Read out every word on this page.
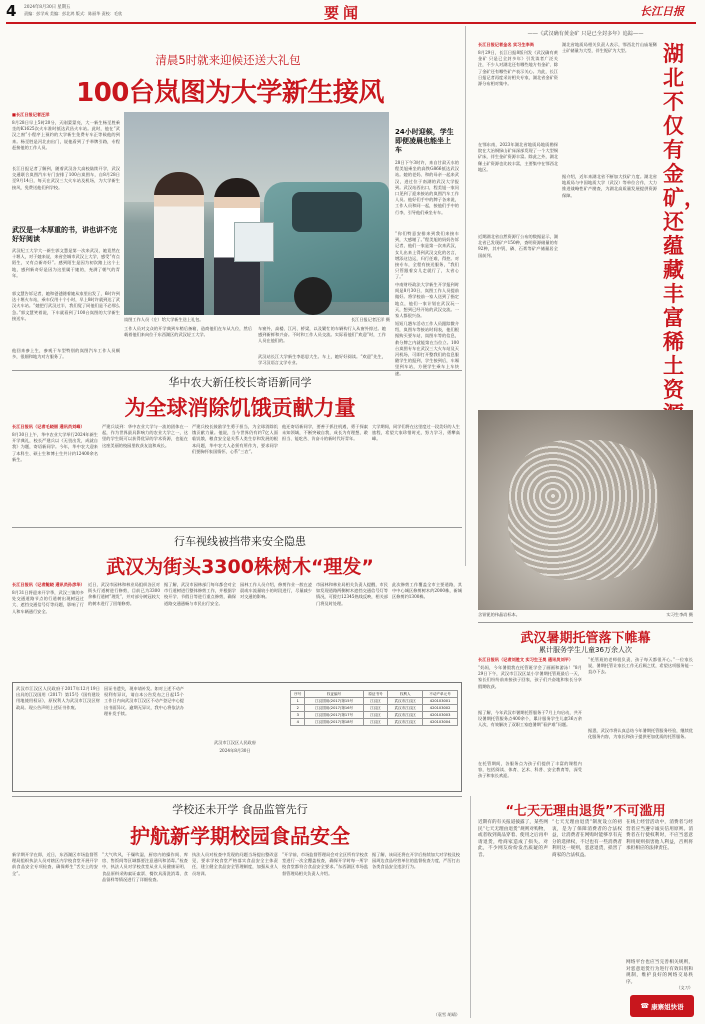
4 2024年8月30日 星期五
责编：彭学成 美编：彭北鸿 版式：陈丽华 责校：毛欣	要闻	长江日报
清晨5时就来迎候还送大礼包
100台岚图为大学新生接风
■长江日报记者汪洋
8月28日早上5时20分，天刚蒙蒙亮，大一新生杨至胜乘坐的K1625次火车准时抵达武昌火车站。此时，他在“武汉之窗”小程序上预约的大学新生免费专车正等候他的到来。杨至胜是河北由出门，说他看到了手举牌引路，专程赶接他的工作人员。
长江日报记者了解到，随着武汉各大高校陆续开学，武汉交通联合岚图汽车专门安排了100台岚图车，自8月28日至9月14日，每天在武汉三大火车站及机场，为大学新生接风，免费送他们到学校。
武汉是一本厚重的书，讲也讲不完好好阅读
武汉纪工大学大一新生郭文慧是第一次来武汉，她竟然在十堰人，对于她来说，来省会城市武汉上大学，感受“有点陌生，又有点新奇好”。感到陌生是因为初次踏上这个土地，感到新奇好是因为这里属于她的，充满了朝气的青年。
郭文慧告诉记者，她和爸爸随着她从家里出发了，6时许到达十堰火车站，乘车仅用十个小时，早上8时许就到达了武汉火车站。“她把行武汉过半，我们觉了同他们是不必那么急。”郭文慧笑着说，下车就看到了100台岚图的大学新生接送车。
他回来参上生，参观于车型特别的岚图汽车工作人员颇多，很细和地为对方服务了。
岚图工作人员（左）给大学新生送上礼包。	长江日报记者汪洋 摄
工作人员对文众的开学典到车稍后备箱，造商他们在车从九位，然后载着他们来向位于东西湖区的武汉轻工大学。
车窗外，高楼、江河、桥梁，以及繁忙的车辆构行入从窗外掠过。她感到新鲜和兴奋。不时和工作人员交流。实际看他们“欢迎”时，工作人员在他们的。
武汉站长江大学新生李思思大生。车上，她好好阅读。“欢迎”先生，学习汉语言文学专业。
24小时迎候，学生即便凌晨也能坐上车
28日下午3时许，来自甘肃天水的程美旭乘坐的高铁G866抵达武汉站。她的老妈、和的母亲一起来武汉，进过位于南湖的武汉大学报到。武汉站西出口，程美旭一家问口见到了迎来接站的岚图汽车工作人员。他好们手中的牌子各来说，工作人员和同一起，接他们手中的行李，引导他们乘坐专车。
“你们特意安排来到我们来接车到，大感谢了。”程美旭的妈妈告诉记者，他们一家是第一次来武汉，女儿出来上得到武汉文化的名言，增添这边运，归行任难，得控。对接专车，全程有接送服务，“我们只管跟着女儿走就行了，太省心了。”
中南财经政法大学新生开学报到时间是8月30日，岚图工作人员提前做好。将学校前一家人送到了指定地点，他们一家计划在武汉玩一天，想到已经开始的武汉交流。一家人都很兴奋。
短短几趟车活动工作人员跟踪微介绍，岚图车等接站时间表，他们根据购买要车站，岚图车等的信息，救分牌之内就能第在当位立。100台岚图专车在武汉三大火车站及天河机场，可即打开整我们的信息服随学生的报到，学生接到后，车厢里到车站，方便学生乘车上车快速。
——《武汉确有黄金矿 只是已全封多年》追踪——
湖北不仅有金矿，还蕴藏丰富稀土资
长江日报记者金名 实习生李尚
8月29日，长江日报8版刊发《武汉确有黄金矿 只是已全封多年》引发读者广泛关注，不少人对湖北还有哪些地方有金矿、除了金矿还有哪些矿产表示关心。为此，长江日报记者再度采访相关专家，湖北省金矿资源分布相对集中。
在鄂东南，2023年湖北省地质局地质勘探院在大冶铜绿山矿床深部发现了一个大型铜矿床，伴生金矿资源丰富。除此之外，湖北稀土矿资源也比较丰富，主要集中在鄂西北地区。
近期湖北省自然资源厅公布的数据显示，湖北省已发现矿产150种，查明资源储量的有92种，其中钒、磷、石膏等矿产储量居全国前列。
湖北省地质局相关负责人表示，鄂西北竹山庙垭稀土矿储量为大型，伴生铌矿为大型。
据介绍，近年来湖北省不断加大找矿力度。湖北省地质局与中国地质大学（武汉）等单位合作，大力推进战略性矿产勘查，为湖北高质量发展提供资源保障。
含钽铌的伟晶岩标本。	实习生李尚 摄
华中农大新任校长寄语新同学
为全球消除饥饿贡献力量
长江日报讯（记者毛晓丽 通讯员刘峰）
8月30日上午，华中农业大学举行2024年新生开学典礼，校长严建兵以《无畏出发，成就自我》为题，寄语新同学。今年，华中农大迎来了本科生、硕士生和博士生共计约12400余名新生。
严建兵谈到：华中农业大学与一流的团体在一起，作为世界最具影响力的农业大学之一，这里的学生既可以获得优异的学术资源，也能在这座美丽的校园里收获友谊和成长。
严建兵校长鼓励学生勇于担当，为全球消除饥饿贡献力量。他说，当今世界仍有约7亿人面临饥饿，粮食安全是关系人类生存和发展的根本问题，华中农大人必须有所作为，要求同学们要胸怀家国情怀，心系“三农”。
他还寄语新同学，要善于抓住机遇，勇于探索未知领域，不断突破自我，成长为有理想、敢担当、能吃苦、肯奋斗的新时代好青年。
大学期间，同学们将在这里度过一段美好的人生旅程，希望大家珍惜时光，努力学习，勇攀高峰。
行车视线被挡带来安全隐患
武汉为街头3300株树木“理发”
长江日报讯（记者鲍晓 通讯员孙彦华）
8月31日将迎来开学季，武汉三镇的多处交通道路节点的行道树出现树冠过大、遮挡交通信号灯等问题，影响了行人和车辆通行安全。
近日，武汉市园林和林业局组织各区对街头行道树进行修剪，目前已为3300余株行道树“理发”，并对部分树冠较大的树木进行了回缩修剪。
据了解，武汉市园林部门每年都会对全市行道树进行整体修剪工作，并根据学校开学、节假日等进行重点修剪，确保道路交通通畅与市民出行安全。
园林工作人员介绍，修剪作业一般在凌晨或车流量较小的时段进行，尽量减少对交通的影响。
市园林和林业局相关负责人提醒，市民如发现道路两侧树木遮挡交通信号灯等情况，可拨打12345热线反映，相关部门将及时处理。
此次修剪工作覆盖全市主要道路，其中中心城区修剪树木约2000株，新城区修剪约1300株。
武汉市江汉区人民政府于2017年12月19日出具的江汉国用（2017）第15号《国有建设用地使用权证》，原权利人为武汉市江汉区财政局。现公告声明上述证书作废。
因证书遗失，现申请补发。如对上述不动产权利有异议，请自本公告发布之日起15个工作日内向武汉市江汉区不动产登记中心提出书面异议。逾期无异议，我中心将依法办理补发手续。
武汉市江汉区人民政府
2024年8月30日
序号	权证编号	原证书号	权利人	不动产单元号
1	江汉国用(2017)第15号	江汉区	武汉市江汉区	420103001
2	江汉国用(2017)第16号	江汉区	武汉市江汉区	420103002
3	江汉国用(2017)第17号	江汉区	武汉市江汉区	420103003
4	江汉国用(2017)第18号	江汉区	武汉市江汉区	420103004
武汉暑期托管落下帷幕
累计服务学生儿童36万余人次
长江日报讯（记者刘胜文 实习生王昊 通讯员刘平）
“妈妈，今年暑假我在托管班学会了画画和游泳！”8月29日下午，武汉市江汉区某小学暑期托管班最后一天，家长们纷纷前来接孩子回家，孩子们兴奋地和家长分享假期收获。
据了解，今年武汉市暑期托管服务于7月上旬启动，共开设暑期托管服务点400余个，累计服务学生儿童36万余人次，有效解决了双职工家庭暑期“看护难”问题。
在托管期间，各服务点为孩子们提供了丰富的课程内容，包括阅读、体育、艺术、科普、安全教育等，深受孩子和家长欢迎。
“托管班的老师很负责，孩子每天都很开心。”一位家长说，暑期托管让家长工作无后顾之忧，希望这项服务能一直办下去。
据悉，武汉市将认真总结今年暑期托管服务经验，继续优化服务内容，为家长和孩子提供更加优质的托管服务。
学校还未开学 食品监管先行
护航新学期校园食品安全
新学期开学在即，近日，东西湖区市场监督管理局组织执法人员对辖区内学校食堂开展开学前食品安全专项检查，确保师生“舌尖上的安全”。
“大气吹风，干燥吹湿，厨房内的操作间、库房、售饭间等区域都要注意通风和消毒。”检查中，执法人员对学校食堂从业人员健康证明、食品原料采购索证索票、餐饮具清洗消毒、食品留样等情况进行了详细检查。
执法人员对检查中发现的问题当场提出整改意见，要求学校食堂严格落实食品安全主体责任，建立健全食品安全管理制度，加强从业人员培训。
“开学前，市场监督管理局会对全区所有学校食堂进行一次全覆盖检查，确保开学时每一所学校食堂都符合食品安全要求。”东西湖区市场监督管理局相关负责人介绍。
据了解，该局还将在开学后持续加大对学校及校园周边食品经营单位的监督检查力度，严厉打击各类食品安全违法行为。
（袁雪 胡靖）
“七天无理由退货”不可滥用
近期有的有关报道披露了，某些网民“七天无理由退货”规则对购物，或者收到商品穿着、使用之后再申请退货，给商家造成了损失。对此，不少网友纷纷发出质疑的声音。
“七天无理由退货”制度设立的初衷，是为了保障消费者的合法权益，让消费者在网购时能够享有充分的选择权，不过也有一些消费者利用这一规则，恶意退货，损害了商家的合法权益。
在线上经营活动中，消费者与经营者应当遵守诚实信用原则。消费者在行使权利时，不应当恶意利用规则损害他人利益，否则将承担相应的法律责任。
网络平台也应当完善相关规则，对恶意退货行为进行有效识别和规制，维护良好的网络交易秩序。
（文刀）
☎ 康寨姐快语
